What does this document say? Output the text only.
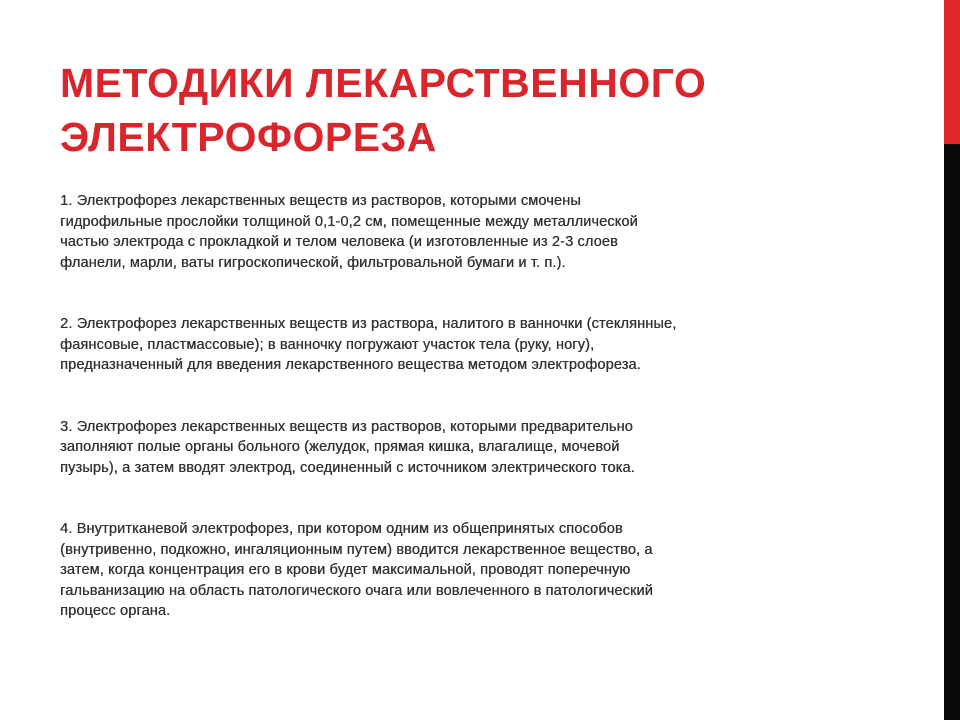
МЕТОДИКИ ЛЕКАРСТВЕННОГО
ЭЛЕКТРОФОРЕЗА

1. Электрофорез лекарственных веществ из растворов, которыми смочены
гидрофильные прослойки толщиной 0,1-0,2 см, помещенные между металлической
частью электрода с прокладкой и телом человека (и изготовленные из 2-3 слоев
фланели, марли, ваты гигроскопической, фильтровальной бумаги и т. п.).

2. Электрофорез лекарственных веществ из раствора, налитого в ванночки (стеклянные,
фаянсовые, пластмассовые); в ванночку погружают участок тела (руку, ногу),
предназначенный для введения лекарственного вещества методом электрофореза.

3. Электрофорез лекарственных веществ из растворов, которыми предварительно
заполняют полые органы больного (желудок, прямая кишка, влагалище, мочевой
пузырь), а затем вводят электрод, соединенный с источником электрического тока.

4. Внутритканевой электрофорез, при котором одним из общепринятых способов
(внутривенно, подкожно, ингаляционным путем) вводится лекарственное вещество, а
затем, когда концентрация его в крови будет максимальной, проводят поперечную
гальванизацию на область патологического очага или вовлеченного в патологический
процесс органа.
